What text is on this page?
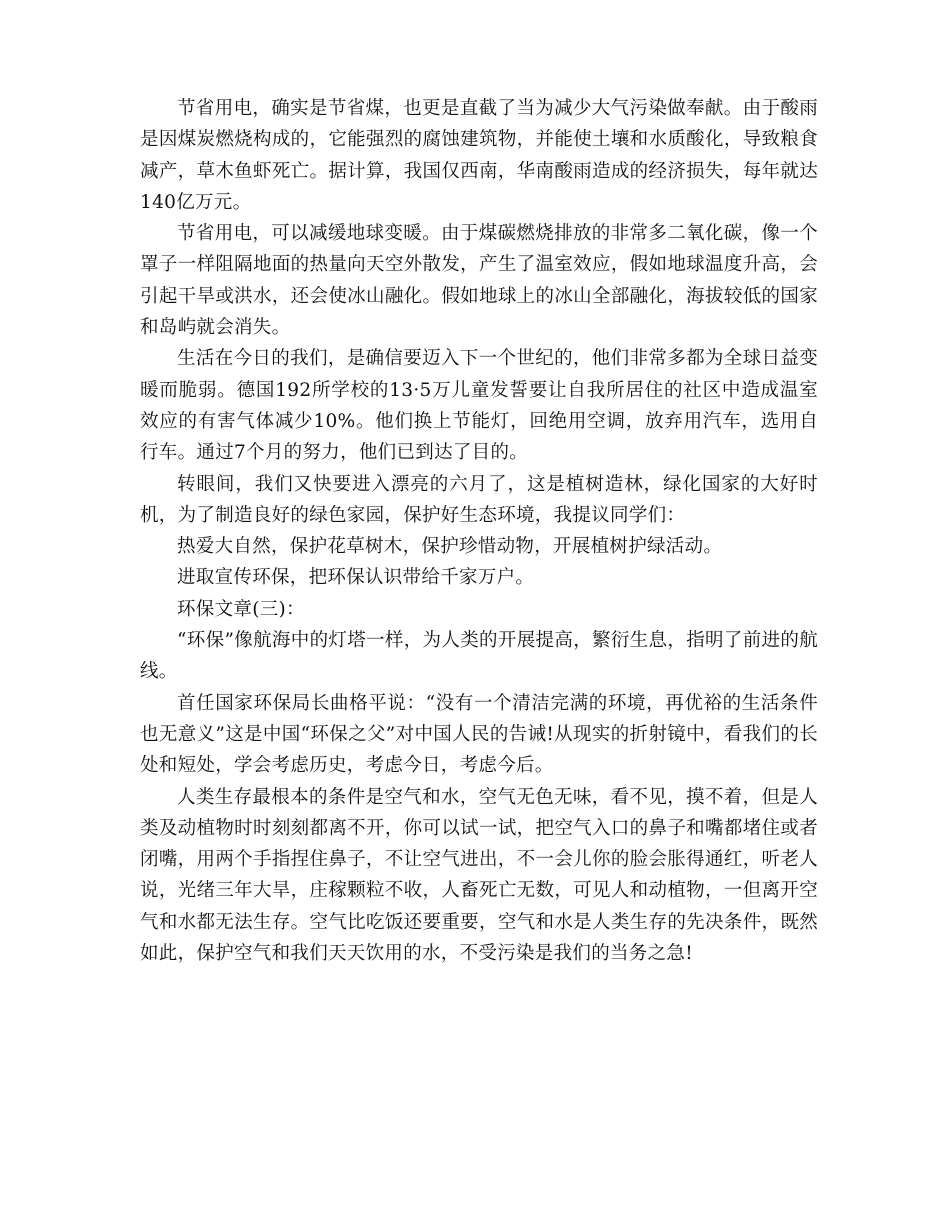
节省用电，确实是节省煤，也更是直截了当为减少大气污染做奉献。由于酸雨是因煤炭燃烧构成的，它能强烈的腐蚀建筑物，并能使土壤和水质酸化，导致粮食减产，草木鱼虾死亡。据计算，我国仅西南，华南酸雨造成的经济损失，每年就达140亿万元。

节省用电，可以减缓地球变暖。由于煤碳燃烧排放的非常多二氧化碳，像一个罩子一样阻隔地面的热量向天空外散发，产生了温室效应，假如地球温度升高，会引起干旱或洪水，还会使冰山融化。假如地球上的冰山全部融化，海拔较低的国家和岛屿就会消失。

生活在今日的我们，是确信要迈入下一个世纪的，他们非常多都为全球日益变暖而脆弱。德国192所学校的13·5万儿童发誓要让自我所居住的社区中造成温室效应的有害气体减少10%。他们换上节能灯，回绝用空调，放弃用汽车，选用自行车。通过7个月的努力，他们已到达了目的。

转眼间，我们又快要进入漂亮的六月了，这是植树造林，绿化国家的大好时机，为了制造良好的绿色家园，保护好生态环境，我提议同学们：

热爱大自然，保护花草树木，保护珍惜动物，开展植树护绿活动。

进取宣传环保，把环保认识带给千家万户。

环保文章(三)：

“环保”像航海中的灯塔一样，为人类的开展提高，繁衍生息，指明了前进的航线。

首任国家环保局长曲格平说：“没有一个清洁完满的环境，再优裕的生活条件也无意义”这是中国“环保之父”对中国人民的告诫!从现实的折射镜中，看我们的长处和短处，学会考虑历史，考虑今日，考虑今后。

人类生存最根本的条件是空气和水，空气无色无味，看不见，摸不着，但是人类及动植物时时刻刻都离不开，你可以试一试，把空气入口的鼻子和嘴都堵住或者闭嘴，用两个手指捏住鼻子，不让空气进出，不一会儿你的脸会胀得通红，听老人说，光绪三年大旱，庄稼颗粒不收，人畜死亡无数，可见人和动植物，一但离开空气和水都无法生存。空气比吃饭还要重要，空气和水是人类生存的先决条件，既然如此，保护空气和我们天天饮用的水，不受污染是我们的当务之急!
